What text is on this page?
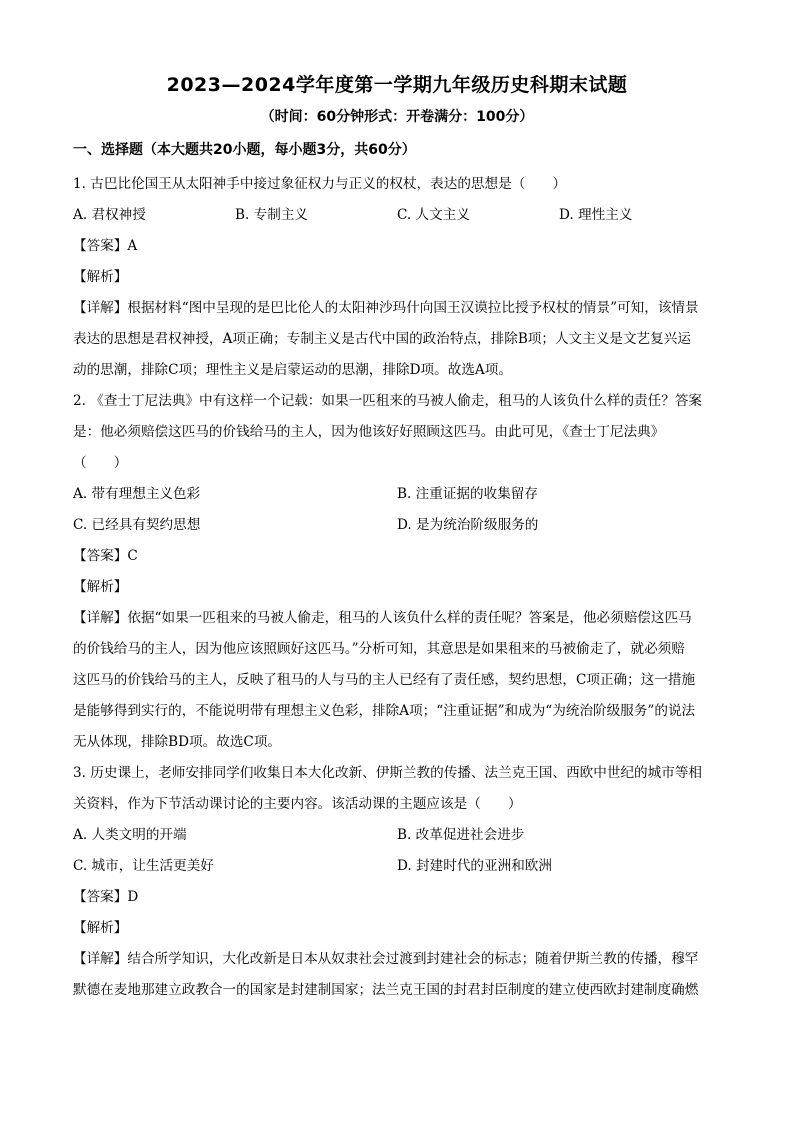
2023—2024学年度第一学期九年级历史科期末试题
（时间：60分钟形式：开卷满分：100分）
一、选择题（本大题共20小题，每小题3分，共60分）
1. 古巴比伦国王从太阳神手中接过象征权力与正义的权杖，表达的思想是（　　）
A. 君权神授	B. 专制主义	C. 人文主义	D. 理性主义
【答案】A
【解析】
【详解】根据材料“图中呈现的是巴比伦人的太阳神沙玛什向国王汉谟拉比授予权杖的情景”可知，该情景
表达的思想是君权神授，A项正确；专制主义是古代中国的政治特点，排除B项；人文主义是文艺复兴运
动的思潮，排除C项；理性主义是启蒙运动的思潮，排除D项。故选A项。
2. 《查士丁尼法典》中有这样一个记载：如果一匹租来的马被人偷走，租马的人该负什么样的责任？答案
是：他必须赔偿这匹马的价钱给马的主人，因为他该好好照顾这匹马。由此可见，《查士丁尼法典》
（　　）
A. 带有理想主义色彩	B. 注重证据的收集留存
C. 已经具有契约思想	D. 是为统治阶级服务的
【答案】C
【解析】
【详解】依据“如果一匹租来的马被人偷走，租马的人该负什么样的责任呢？答案是，他必须赔偿这匹马
的价钱给马的主人，因为他应该照顾好这匹马。”分析可知，其意思是如果租来的马被偷走了，就必须赔
这匹马的价钱给马的主人，反映了租马的人与马的主人已经有了责任感，契约思想，C项正确；这一措施
是能够得到实行的，不能说明带有理想主义色彩，排除A项；“注重证据”和成为“为统治阶级服务”的说法
无从体现，排除BD项。故选C项。
3. 历史课上，老师安排同学们收集日本大化改新、伊斯兰教的传播、法兰克王国、西欧中世纪的城市等相
关资料，作为下节活动课讨论的主要内容。该活动课的主题应该是（　　）
A. 人类文明的开端	B. 改革促进社会进步
C. 城市，让生活更美好	D. 封建时代的亚洲和欧洲
【答案】D
【解析】
【详解】结合所学知识，大化改新是日本从奴隶社会过渡到封建社会的标志；随着伊斯兰教的传播，穆罕
默德在麦地那建立政教合一的国家是封建制国家；法兰克王国的封君封臣制度的建立使西欧封建制度确燃
